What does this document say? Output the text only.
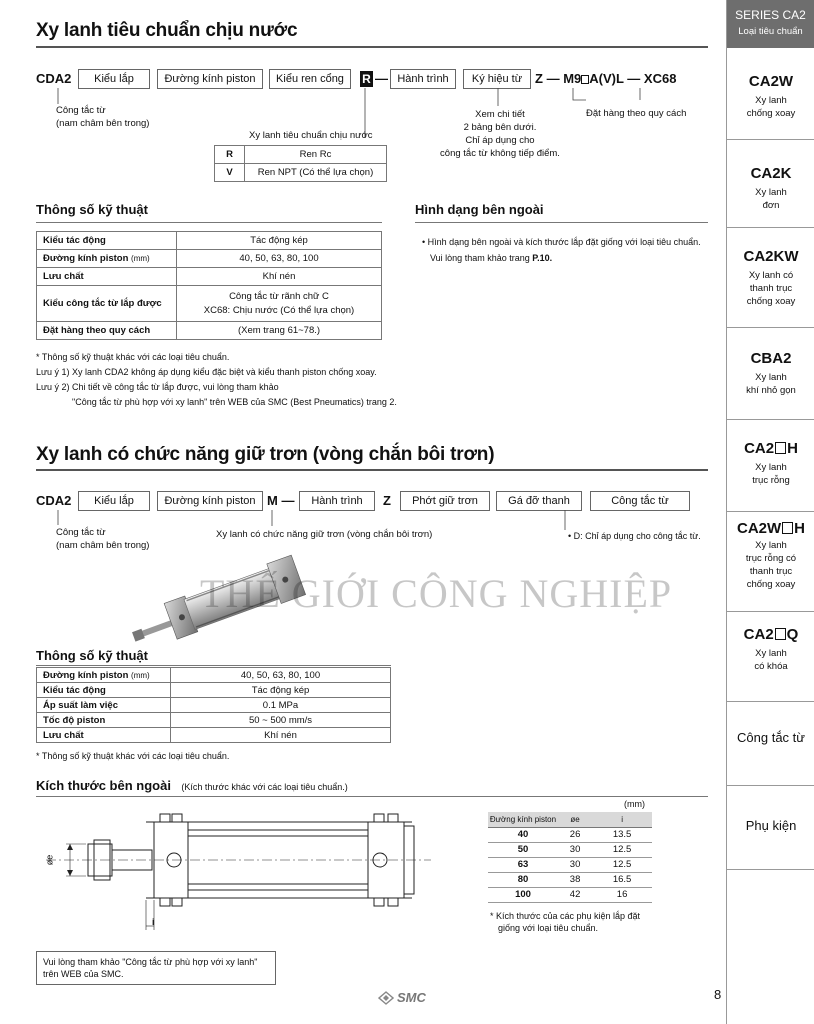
Xy lanh tiêu chuẩn chịu nước
CDA2	Kiểu lắp	Đường kính piston	Kiểu ren cổng	R — Hành trình	Ký hiệu từ Z — M9 A(V)L — XC68
Công tắc từ
(nam châm bên trong)
Xem chi tiết
2 bảng bên dưới.
Chỉ áp dụng cho
công tắc từ không tiếp điểm.
Đặt hàng theo quy cách
Xy lanh tiêu chuẩn chịu nước
R	Ren Rc
V	Ren NPT (Có thể lựa chọn)
Thông số kỹ thuật
Kiểu tác động	Tác động kép
Đường kính piston (mm)	40, 50, 63, 80, 100
Lưu chất	Khí nén
Kiểu công tắc từ lắp được	Công tắc từ rãnh chữ C
XC68: Chịu nước (Có thể lựa chọn)

Đặt hàng theo quy cách	(Xem trang 61~78.)
* Thông số kỹ thuật khác với các loại tiêu chuẩn.
Lưu ý 1) Xy lanh CDA2 không áp dụng kiểu đặc biệt và kiểu thanh piston chống xoay.
Lưu ý 2) Chi tiết về công tắc từ lắp được, vui lòng tham khảo
"Công tắc từ phù hợp với xy lanh" trên WEB của SMC (Best Pneumatics) trang 2.
Hình dạng bên ngoài
• Hình dạng bên ngoài và kích thước lắp đặt giống với loại tiêu chuẩn.
Vui lòng tham khảo trang P.10.
Xy lanh có chức năng giữ trơn (vòng chắn bôi trơn)
CDA2	Kiểu lắp	Đường kính piston M —	Hành trình	Z	Phớt giữ trơn	Gá đỡ thanh	Công tắc từ
Công tắc từ
(nam châm bên trong)
Xy lanh có chức năng giữ trơn (vòng chắn bôi trơn)	• D: Chỉ áp dụng cho công tắc từ.
THẾ GIỚI CÔNG NGHIỆP
Thông số kỹ thuật
Đường kính piston (mm)	40, 50, 63, 80, 100
Kiểu tác động	Tác động kép
Áp suất làm việc	0.1 MPa
Tốc độ piston	50 ~ 500 mm/s
Lưu chất	Khí nén
* Thông số kỹ thuật khác với các loại tiêu chuẩn.
Kích thước bên ngoài (Kích thước khác với các loại tiêu chuẩn.)
øe
i
(mm)
Đường kính piston	øe	i
40	26	13.5
50	30	12.5
63	30	12.5
80	38	16.5
100	42	16
* Kích thước của các phụ kiện lắp đặt
giống với loại tiêu chuẩn.
Vui lòng tham khảo "Công tắc từ phù hợp với xy lanh"
trên WEB của SMC.
SMC	8
SERIES CA2
Loại tiêu chuẩn
CA2W
Xy lanh
chống xoay
CA2K
Xy lanh
đơn
CA2KW
Xy lanh có
thanh trục
chống xoay
CBA2
Xy lanh
khí nhỏ gọn
CA2 H
Xy lanh
trục rỗng
CA2W H
Xy lanh
trục rỗng có
thanh trục
chống xoay
CA2 Q
Xy lanh
có khóa
Công tắc từ
Phụ kiện
